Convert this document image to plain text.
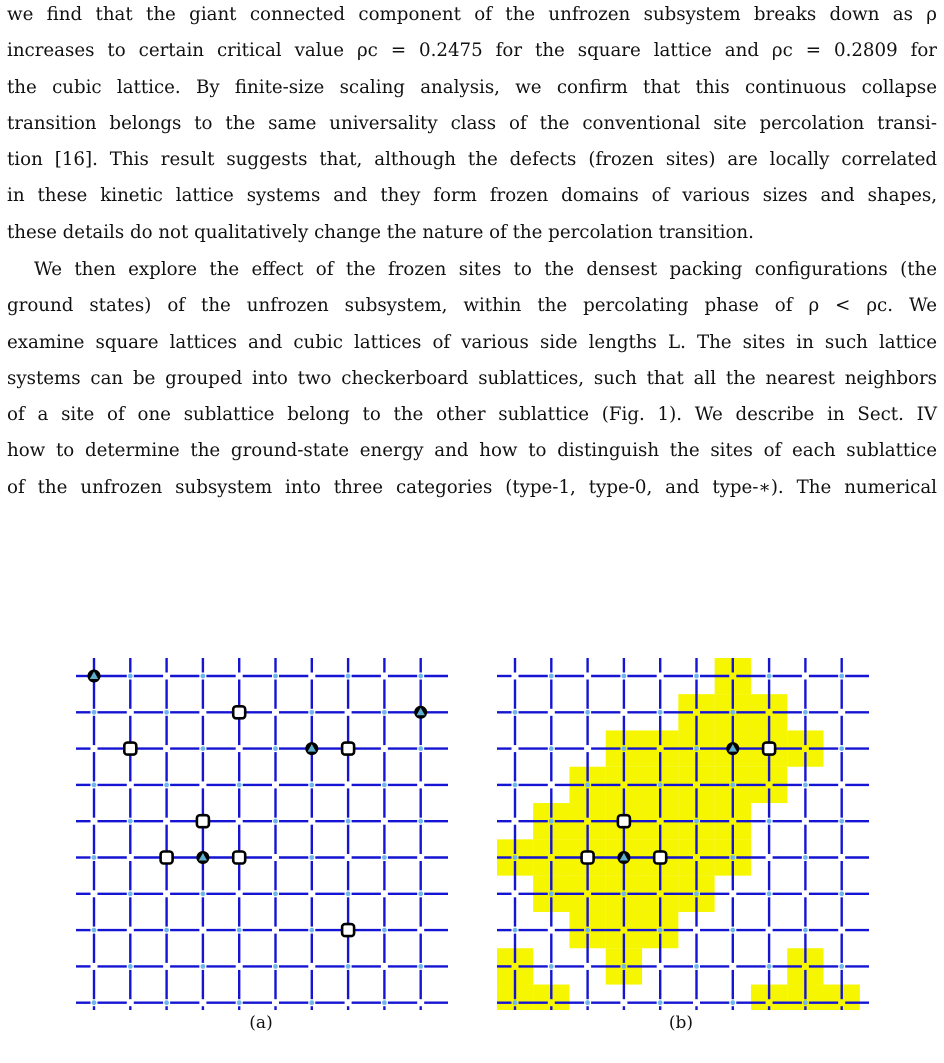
we find that the giant connected component of the unfrozen subsystem breaks down as ρ
increases to certain critical value ρc = 0.2475 for the square lattice and ρc = 0.2809 for
the cubic lattice. By finite-size scaling analysis, we confirm that this continuous collapse
transition belongs to the same universality class of the conventional site percolation transi-
tion [16]. This result suggests that, although the defects (frozen sites) are locally correlated
in these kinetic lattice systems and they form frozen domains of various sizes and shapes,
these details do not qualitatively change the nature of the percolation transition.
We then explore the effect of the frozen sites to the densest packing configurations (the
ground states) of the unfrozen subsystem, within the percolating phase of ρ < ρc. We
examine square lattices and cubic lattices of various side lengths L. The sites in such lattice
systems can be grouped into two checkerboard sublattices, such that all the nearest neighbors
of a site of one sublattice belong to the other sublattice (Fig. 1). We describe in Sect. IV
how to determine the ground-state energy and how to distinguish the sites of each sublattice
of the unfrozen subsystem into three categories (type-1, type-0, and type-∗). The numerical
(a)	(b)
